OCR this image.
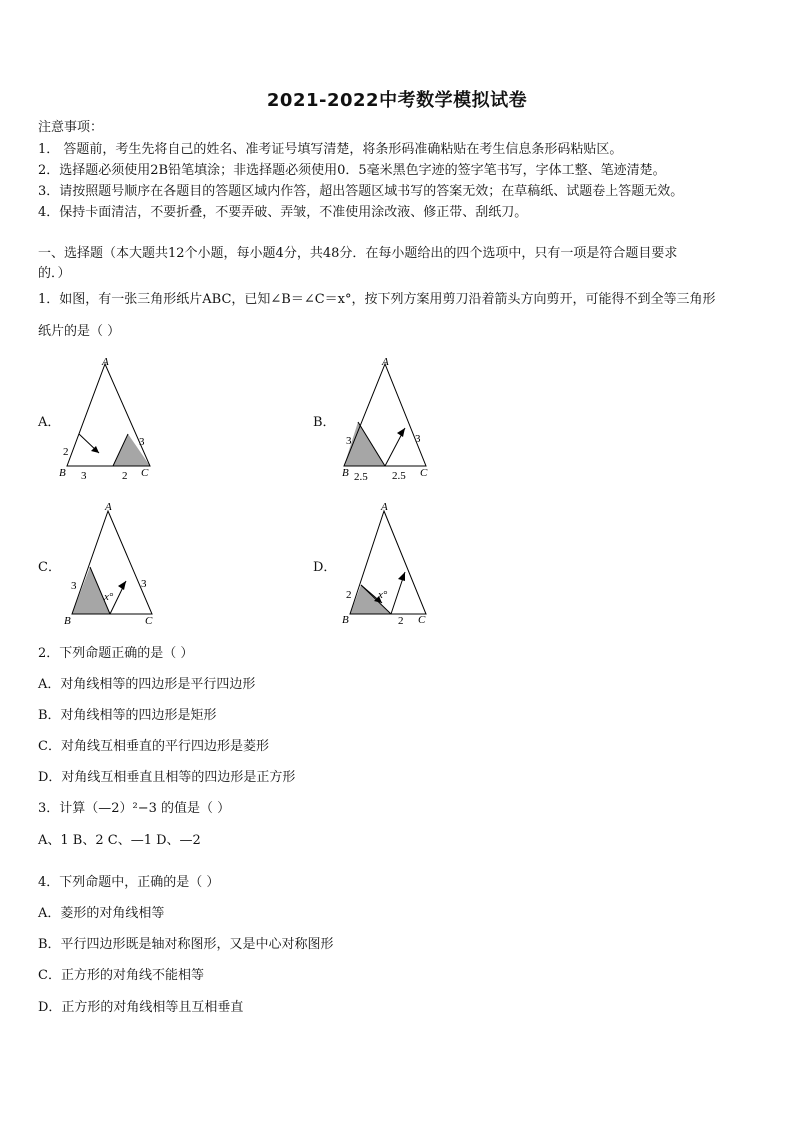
2021-2022中考数学模拟试卷
注意事项：
1． 答题前，考生先将自己的姓名、准考证号填写清楚，将条形码准确粘贴在考生信息条形码粘贴区。
2．选择题必须使用2B铅笔填涂；非选择题必须使用0．5毫米黑色字迹的签字笔书写，字体工整、笔迹清楚。
3．请按照题号顺序在各题目的答题区域内作答，超出答题区域书写的答案无效；在草稿纸、试题卷上答题无效。
4．保持卡面清洁，不要折叠，不要弄破、弄皱，不准使用涂改液、修正带、刮纸刀。
一、选择题（本大题共12个小题，每小题4分，共48分．在每小题给出的四个选项中，只有一项是符合题目要求
的．）
1．如图，有一张三角形纸片ABC，已知∠B＝∠C＝x°，按下列方案用剪刀沿着箭头方向剪开，可能得不到全等三角形
纸片的是（ ）
A．	B．
C．	D．
A
B	C
2
3	2
3
A
B	C
3
2.5 2.5
3
A
B	C
x°
3	3
A
B	C
x°
2
2
2．下列命题正确的是（ ）
A．对角线相等的四边形是平行四边形
B．对角线相等的四边形是矩形
C．对角线互相垂直的平行四边形是菱形
D．对角线互相垂直且相等的四边形是正方形
3．计算（—2）²−3 的值是（ ）
A、1 B、2 C、—1 D、—2
4．下列命题中，正确的是（ ）
A．菱形的对角线相等
B．平行四边形既是轴对称图形，又是中心对称图形
C．正方形的对角线不能相等
D．正方形的对角线相等且互相垂直
